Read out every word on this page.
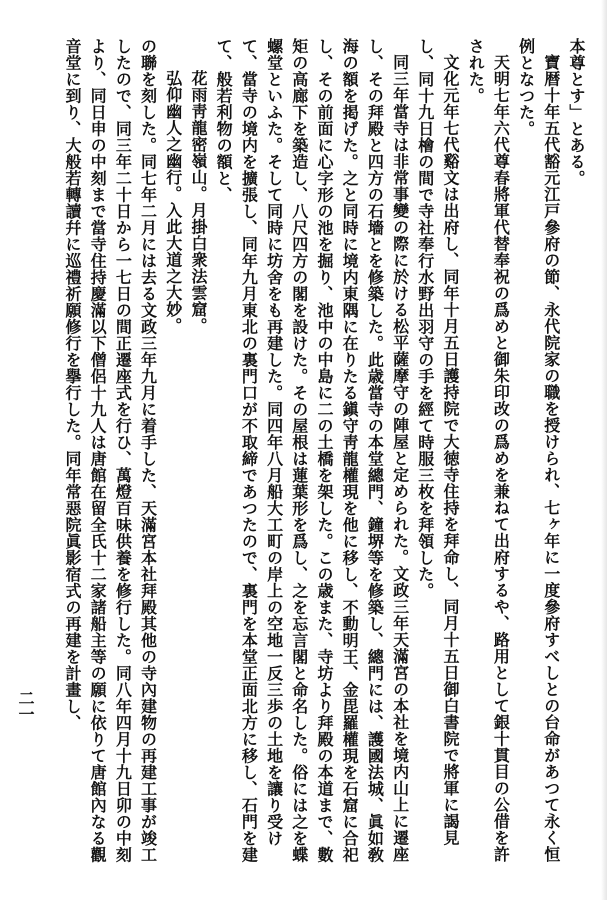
本尊とす」とある。

寶暦十年五代豁元江戸參府の節、永代院家の職を授けられ、七ヶ年に一度參府すべしとの台命があつて永く恒例となつた。

天明七年六代尊春將軍代替奉祝の爲めと御朱印改の爲めを兼ねて出府するや、路用として銀十貫目の公借を許された。

文化元年七代谿文は出府し、同年十月五日護持院で大徳寺住持を拜命し、同月十五日御白書院で將軍に謁見し、同十九日檜の間で寺社奉行水野出羽守の手を經て時服三枚を拜領した。

同三年當寺は非常事變の際に於ける松平薩摩守の陣屋と定められた。文政三年天滿宮の本社を境内山上に遷座し、その拜殿と四方の石墻とを修築した。此歳當寺の本堂總門、鐘堺等を修築し、總門には、護國法城、眞如敎海の額を掲げた。之と同時に境内東隅に在りたる鎭守靑龍權現を他に移し、不動明王、金毘羅權現を石窟に合祀し、その前面に心字形の池を掘り、池中の中島に二の土橋を架した。この歳また、寺坊より拜殿の本道まで、數矩の高廊下を築造し、八尺四方の閣を設けた。その屋根は蓮葉形を爲し、之を忘言閣と命名した。俗には之を蝶螺堂といふた。そして同時に坊舍をも再建した。同四年八月船大工町の岸上の空地一反三歩の土地を讓り受けて、當寺の境内を擴張し、同年九月東北の裏門口が不取締であつたので、裏門を本堂正面北方に移し、石門を建て、般若利物の額と、

花雨靑龍密嶺山。月掛白衆法雲窟。

弘仰幽人之幽行。入此大道之大妙。

の聯を刻した。同七年二月には去る文政三年九月に着手した、天滿宮本社拜殿其他の寺內建物の再建工事が竣工したので、同三年二十日から一七日の間正遷座式を行ひ、萬燈百味供養を修行した。同八年四月十九日卯の中刻より、同日申の中刻まで當寺住持慶滿以下僧侶十九人は唐館在留全氏十二家諸船主等の願に依りて唐館內なる觀音堂に到り、大般若轉讀幷に巡禮祈願修行を擧行した。同年常惡院眞影宿式の再建を計畫し、

二一
